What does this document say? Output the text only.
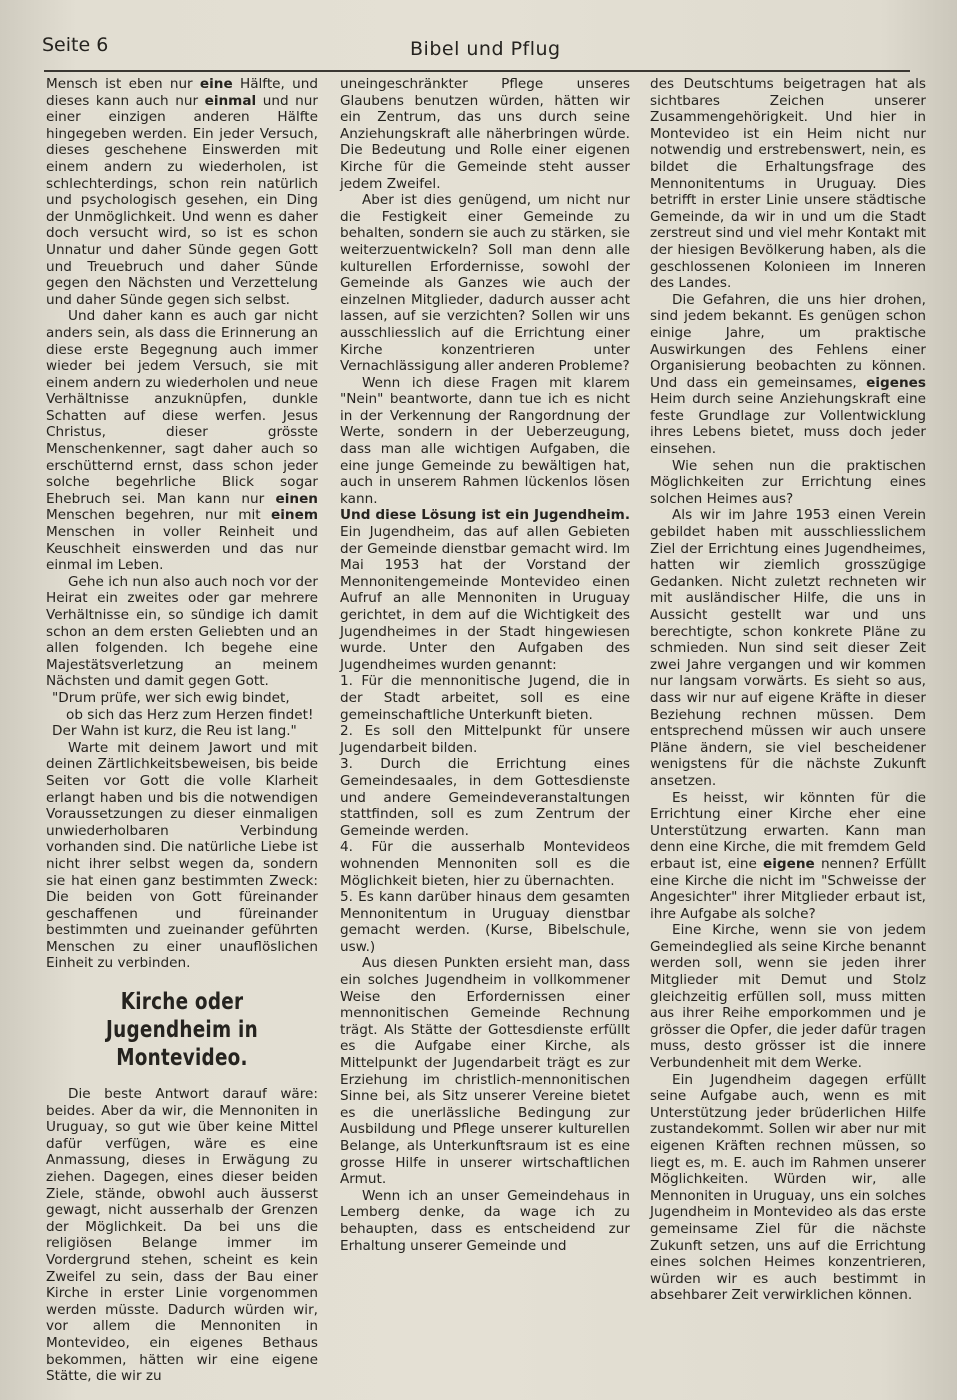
Seite 6	Bibel und Pflug

Mensch ist eben nur eine Hälfte, und dieses kann auch nur einmal und nur einer einzigen anderen Hälfte hingegeben werden. Ein jeder Versuch, dieses geschehene Einswerden mit einem andern zu wiederholen, ist schlechterdings, schon rein natürlich und psychologisch gesehen, ein Ding der Unmöglichkeit. Und wenn es daher doch versucht wird, so ist es schon Unnatur und daher Sünde gegen Gott und Treuebruch und daher Sünde gegen den Nächsten und Verzettelung und daher Sünde gegen sich selbst.

Und daher kann es auch gar nicht anders sein, als dass die Erinnerung an diese erste Begegnung auch immer wieder bei jedem Versuch, sie mit einem andern zu wiederholen und neue Verhältnisse anzuknüpfen, dunkle Schatten auf diese werfen. Jesus Christus, dieser grösste Menschenkenner, sagt daher auch so erschütternd ernst, dass schon jeder solche begehrliche Blick sogar Ehebruch sei. Man kann nur einen Menschen begehren, nur mit einem Menschen in voller Reinheit und Keuschheit einswerden und das nur einmal im Leben.

Gehe ich nun also auch noch vor der Heirat ein zweites oder gar mehrere Verhältnisse ein, so sündige ich damit schon an dem ersten Geliebten und an allen folgenden. Ich begehe eine Majestätsverletzung an meinem Nächsten und damit gegen Gott.

"Drum prüfe, wer sich ewig bindet,

ob sich das Herz zum Herzen findet!

Der Wahn ist kurz, die Reu ist lang."

Warte mit deinem Jawort und mit deinen Zärtlichkeitsbeweisen, bis beide Seiten vor Gott die volle Klarheit erlangt haben und bis die notwendigen Voraussetzungen zu dieser einmaligen unwiederholbaren Verbindung vorhanden sind. Die natürliche Liebe ist nicht ihrer selbst wegen da, sondern sie hat einen ganz bestimmten Zweck: Die beiden von Gott füreinander geschaffenen und füreinander bestimmten und zueinander geführten Menschen zu einer unauflöslichen Einheit zu verbinden.

Kirche oder Jugendheim in
Montevideo.

Die beste Antwort darauf wäre: beides. Aber da wir, die Mennoniten in Uruguay, so gut wie über keine Mittel dafür verfügen, wäre es eine Anmassung, dieses in Erwägung zu ziehen. Dagegen, eines dieser beiden Ziele, stände, obwohl auch äusserst gewagt, nicht ausserhalb der Grenzen der Möglichkeit. Da bei uns die religiösen Belange immer im Vordergrund stehen, scheint es kein Zweifel zu sein, dass der Bau einer Kirche in erster Linie vorgenommen werden müsste. Dadurch würden wir, vor allem die Mennoniten in Montevideo, ein eigenes Bethaus bekommen, hätten wir eine eigene Stätte, die wir zu

uneingeschränkter Pflege unseres Glaubens benutzen würden, hätten wir ein Zentrum, das uns durch seine Anziehungskraft alle näherbringen würde. Die Bedeutung und Rolle einer eigenen Kirche für die Gemeinde steht ausser jedem Zweifel.

Aber ist dies genügend, um nicht nur die Festigkeit einer Gemeinde zu behalten, sondern sie auch zu stärken, sie weiterzuentwickeln? Soll man denn alle kulturellen Erfordernisse, sowohl der Gemeinde als Ganzes wie auch der einzelnen Mitglieder, dadurch ausser acht lassen, auf sie verzichten? Sollen wir uns ausschliesslich auf die Errichtung einer Kirche konzentrieren unter Vernachlässigung aller anderen Probleme?

Wenn ich diese Fragen mit klarem "Nein" beantworte, dann tue ich es nicht in der Verkennung der Rangordnung der Werte, sondern in der Ueberzeugung, dass man alle wichtigen Aufgaben, die eine junge Gemeinde zu bewältigen hat, auch in unserem Rahmen lückenlos lösen kann.

Und diese Lösung ist ein Jugendheim. Ein Jugendheim, das auf allen Gebieten der Gemeinde dienstbar gemacht wird. Im Mai 1953 hat der Vorstand der Mennonitengemeinde Montevideo einen Aufruf an alle Mennoniten in Uruguay gerichtet, in dem auf die Wichtigkeit des Jugendheimes in der Stadt hingewiesen wurde. Unter den Aufgaben des Jugendheimes wurden genannt:

1. Für die mennonitische Jugend, die in der Stadt arbeitet, soll es eine gemeinschaftliche Unterkunft bieten.

2. Es soll den Mittelpunkt für unsere Jugendarbeit bilden.

3. Durch die Errichtung eines Gemeindesaales, in dem Gottesdienste und andere Gemeindeveranstaltungen stattfinden, soll es zum Zentrum der Gemeinde werden.

4. Für die ausserhalb Montevideos wohnenden Mennoniten soll es die Möglichkeit bieten, hier zu übernachten.

5. Es kann darüber hinaus dem gesamten Mennonitentum in Uruguay dienstbar gemacht werden. (Kurse, Bibelschule, usw.)

Aus diesen Punkten ersieht man, dass ein solches Jugendheim in vollkommener Weise den Erfordernissen einer mennonitischen Gemeinde Rechnung trägt. Als Stätte der Gottesdienste erfüllt es die Aufgabe einer Kirche, als Mittelpunkt der Jugendarbeit trägt es zur Erziehung im christlich-mennonitischen Sinne bei, als Sitz unserer Vereine bietet es die unerlässliche Bedingung zur Ausbildung und Pflege unserer kulturellen Belange, als Unterkunftsraum ist es eine grosse Hilfe in unserer wirtschaftlichen Armut.

Wenn ich an unser Gemeindehaus in Lemberg denke, da wage ich zu behaupten, dass es entscheidend zur Erhaltung unserer Gemeinde und

des Deutschtums beigetragen hat als sichtbares Zeichen unserer Zusammengehörigkeit. Und hier in Montevideo ist ein Heim nicht nur notwendig und erstrebenswert, nein, es bildet die Erhaltungsfrage des Mennonitentums in Uruguay. Dies betrifft in erster Linie unsere städtische Gemeinde, da wir in und um die Stadt zerstreut sind und viel mehr Kontakt mit der hiesigen Bevölkerung haben, als die geschlossenen Kolonieen im Inneren des Landes.

Die Gefahren, die uns hier drohen, sind jedem bekannt. Es genügen schon einige Jahre, um praktische Auswirkungen des Fehlens einer Organisierung beobachten zu können. Und dass ein gemeinsames, eigenes Heim durch seine Anziehungskraft eine feste Grundlage zur Vollentwicklung ihres Lebens bietet, muss doch jeder einsehen.

Wie sehen nun die praktischen Möglichkeiten zur Errichtung eines solchen Heimes aus?

Als wir im Jahre 1953 einen Verein gebildet haben mit ausschliesslichem Ziel der Errichtung eines Jugendheimes, hatten wir ziemlich grosszügige Gedanken. Nicht zuletzt rechneten wir mit ausländischer Hilfe, die uns in Aussicht gestellt war und uns berechtigte, schon konkrete Pläne zu schmieden. Nun sind seit dieser Zeit zwei Jahre vergangen und wir kommen nur langsam vorwärts. Es sieht so aus, dass wir nur auf eigene Kräfte in dieser Beziehung rechnen müssen. Dem entsprechend müssen wir auch unsere Pläne ändern, sie viel bescheidener wenigstens für die nächste Zukunft ansetzen.

Es heisst, wir könnten für die Errichtung einer Kirche eher eine Unterstützung erwarten. Kann man denn eine Kirche, die mit fremdem Geld erbaut ist, eine eigene nennen? Erfüllt eine Kirche die nicht im "Schweisse der Angesichter" ihrer Mitglieder erbaut ist, ihre Aufgabe als solche?

Eine Kirche, wenn sie von jedem Gemeindeglied als seine Kirche benannt werden soll, wenn sie jeden ihrer Mitglieder mit Demut und Stolz gleichzeitig erfüllen soll, muss mitten aus ihrer Reihe emporkommen und je grösser die Opfer, die jeder dafür tragen muss, desto grösser ist die innere Verbundenheit mit dem Werke.

Ein Jugendheim dagegen erfüllt seine Aufgabe auch, wenn es mit Unterstützung jeder brüderlichen Hilfe zustandekommt. Sollen wir aber nur mit eigenen Kräften rechnen müssen, so liegt es, m. E. auch im Rahmen unserer Möglichkeiten. Würden wir, alle Mennoniten in Uruguay, uns ein solches Jugendheim in Montevideo als das erste gemeinsame Ziel für die nächste Zukunft setzen, uns auf die Errichtung eines solchen Heimes konzentrieren, würden wir es auch bestimmt in absehbarer Zeit verwirklichen können.
